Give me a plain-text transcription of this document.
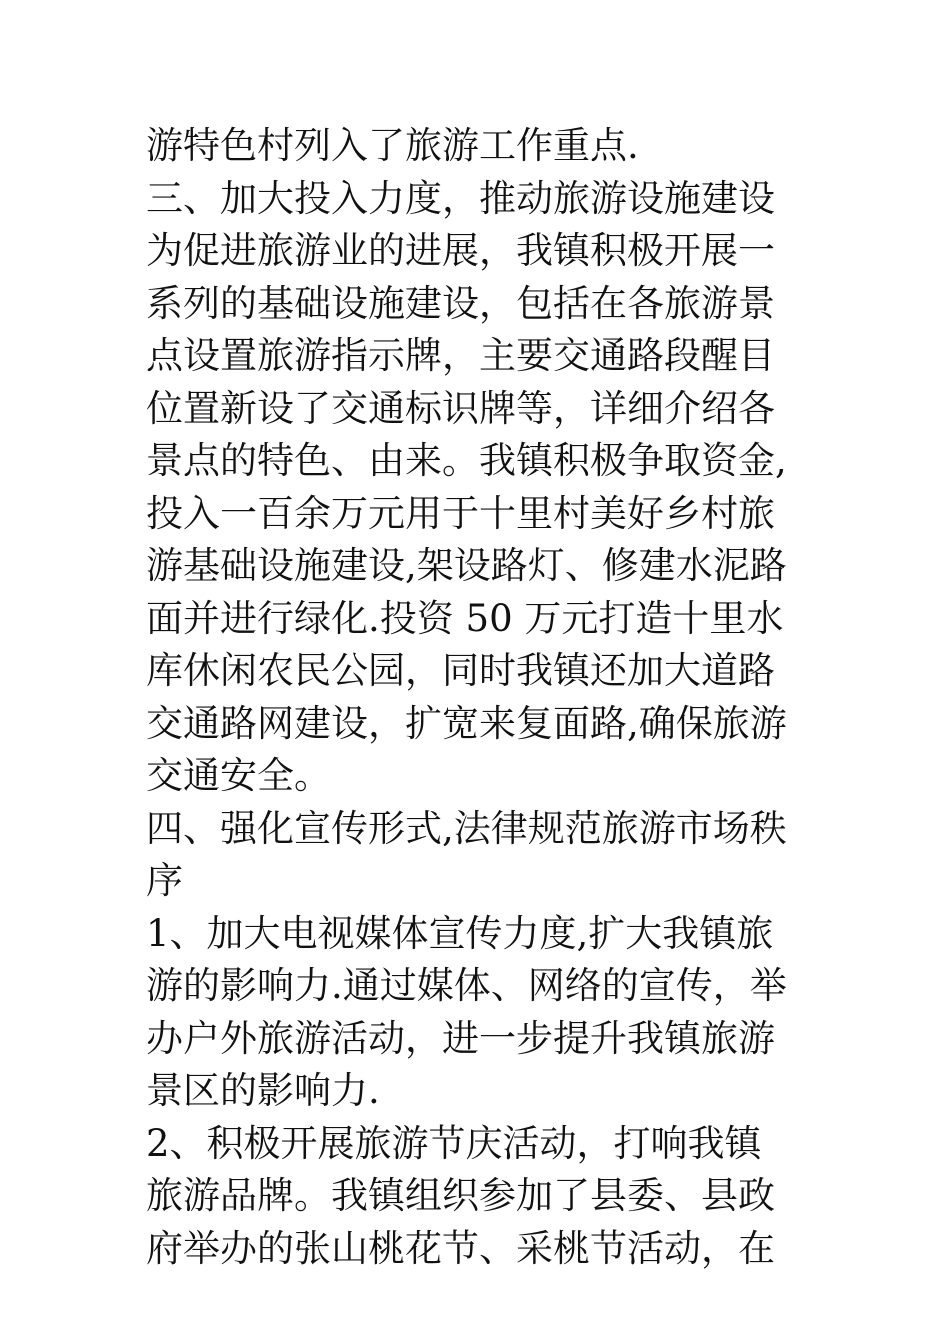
游特色村列入了旅游工作重点.
三、加大投入力度，推动旅游设施建设
为促进旅游业的进展，我镇积极开展一
系列的基础设施建设，包括在各旅游景
点设置旅游指示牌，主要交通路段醒目
位置新设了交通标识牌等，详细介绍各
景点的特色、由来。我镇积极争取资金,
投入一百余万元用于十里村美好乡村旅
游基础设施建设,架设路灯、修建水泥路
面并进行绿化.投资 50 万元打造十里水
库休闲农民公园，同时我镇还加大道路
交通路网建设，扩宽来复面路,确保旅游
交通安全。
四、强化宣传形式,法律规范旅游市场秩
序
1、加大电视媒体宣传力度,扩大我镇旅
游的影响力.通过媒体、网络的宣传，举
办户外旅游活动，进一步提升我镇旅游
景区的影响力.
2、积极开展旅游节庆活动，打响我镇
旅游品牌。我镇组织参加了县委、县政
府举办的张山桃花节、采桃节活动，在
